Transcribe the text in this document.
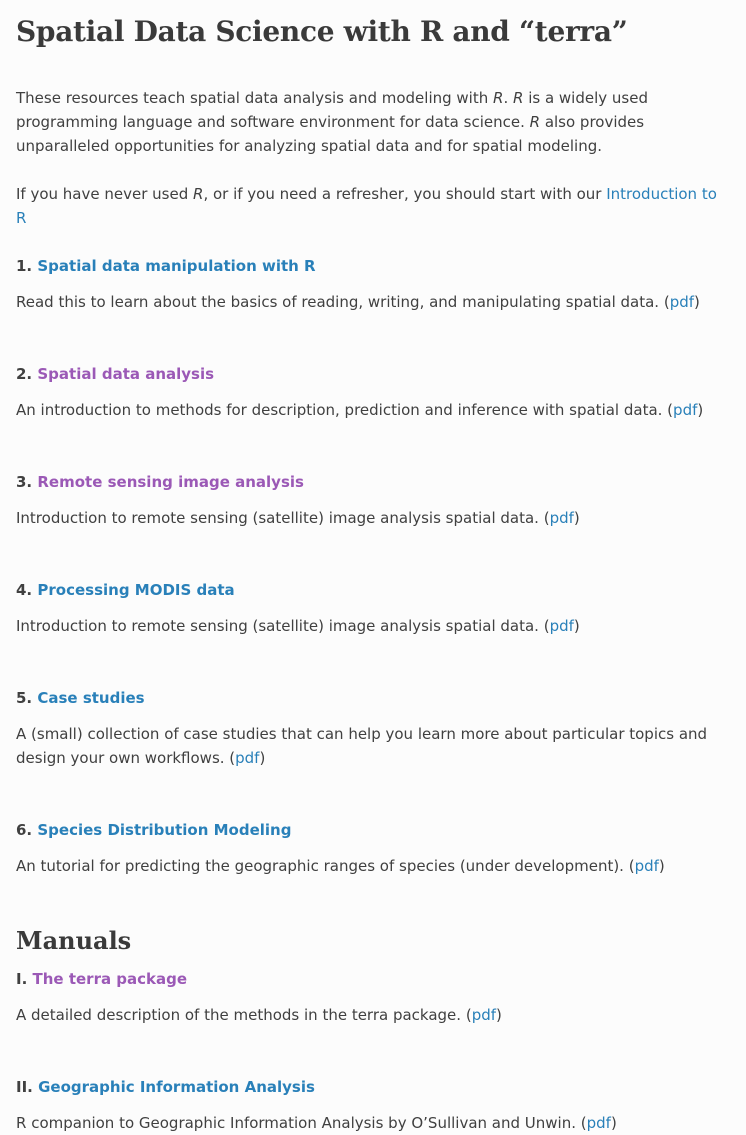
Spatial Data Science with R and “terra”

These resources teach spatial data analysis and modeling with R. R is a widely used programming language and software environment for data science. R also provides unparalleled opportunities for analyzing spatial data and for spatial modeling.

If you have never used R, or if you need a refresher, you should start with our Introduction to R

1. Spatial data manipulation with R

Read this to learn about the basics of reading, writing, and manipulating spatial data. (pdf)

2. Spatial data analysis

An introduction to methods for description, prediction and inference with spatial data. (pdf)

3. Remote sensing image analysis

Introduction to remote sensing (satellite) image analysis spatial data. (pdf)

4. Processing MODIS data

Introduction to remote sensing (satellite) image analysis spatial data. (pdf)

5. Case studies

A (small) collection of case studies that can help you learn more about particular topics and design your own workflows. (pdf)

6. Species Distribution Modeling

An tutorial for predicting the geographic ranges of species (under development). (pdf)

Manuals
I. The terra package

A detailed description of the methods in the terra package. (pdf)

II. Geographic Information Analysis

R companion to Geographic Information Analysis by O’Sullivan and Unwin. (pdf)
